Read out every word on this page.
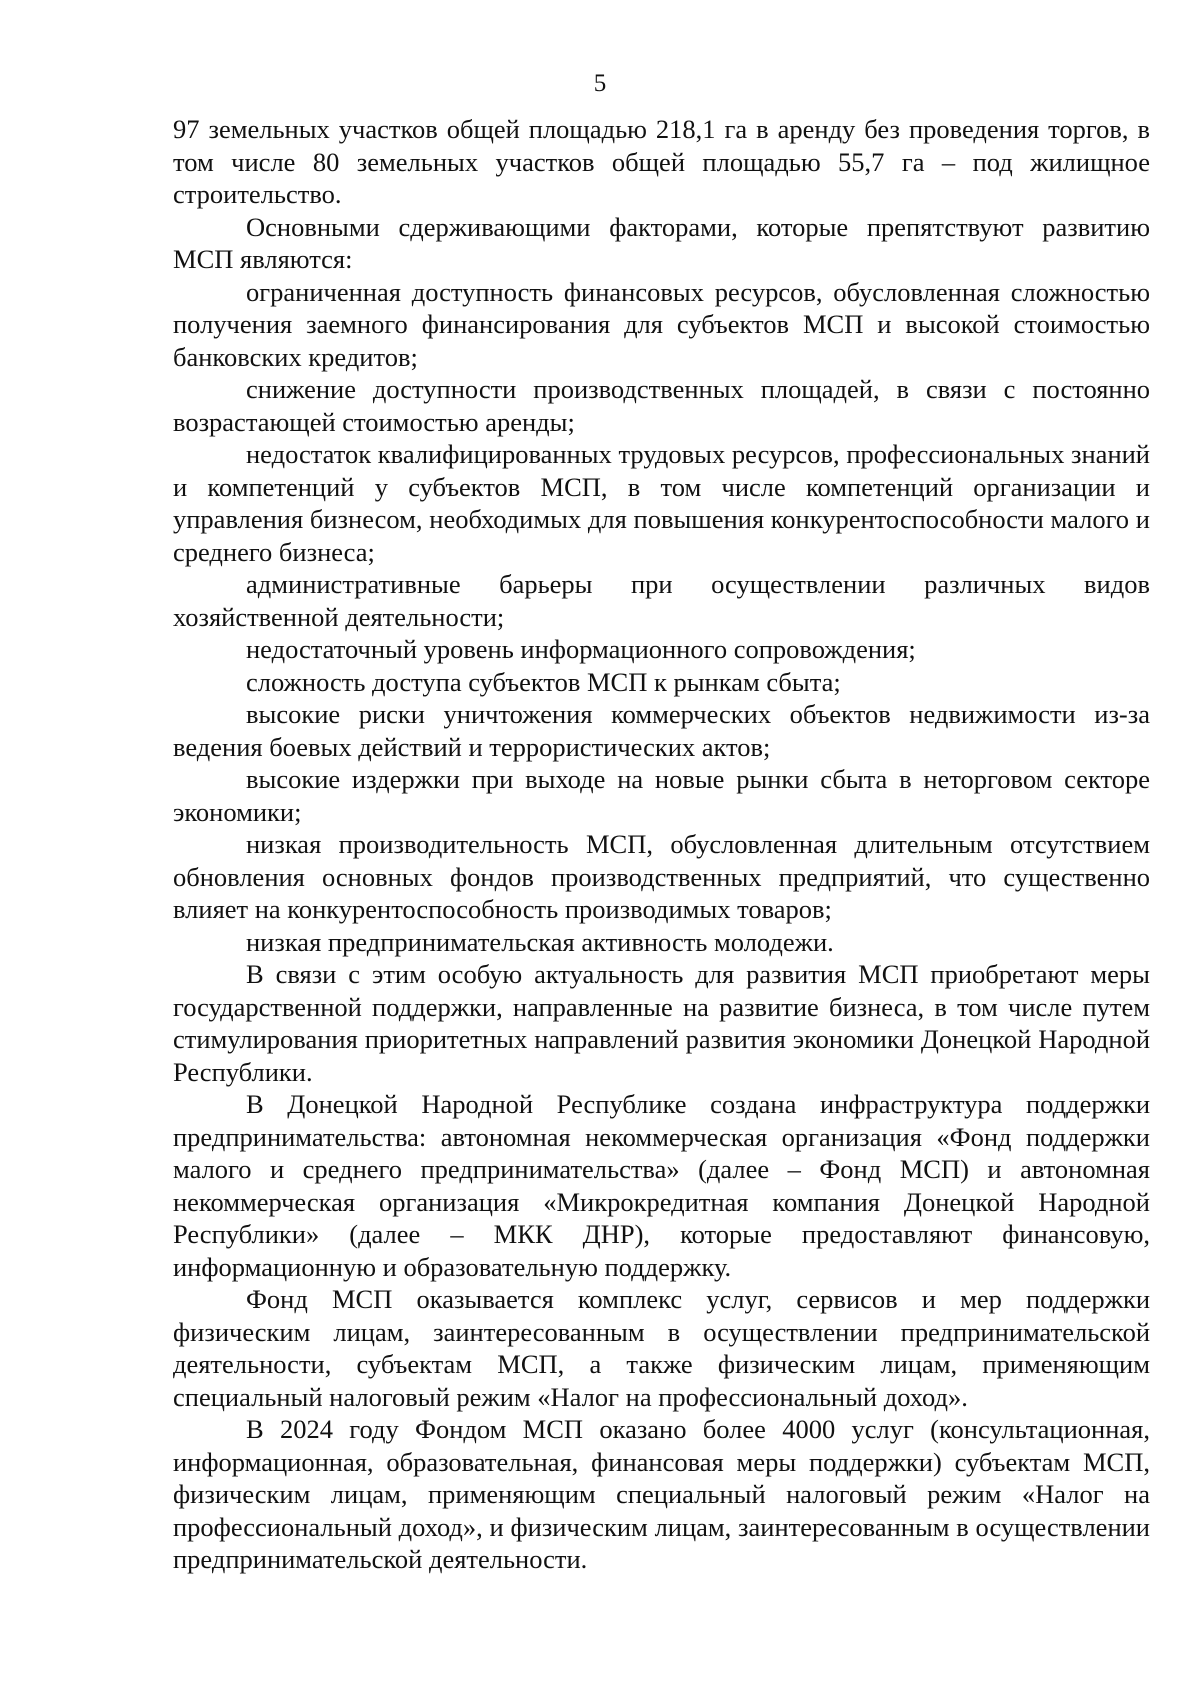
5

97 земельных участков общей площадью 218,1 га в аренду без проведения торгов, в том числе 80 земельных участков общей площадью 55,7 га – под жилищное строительство.

Основными сдерживающими факторами, которые препятствуют развитию МСП являются:

ограниченная доступность финансовых ресурсов, обусловленная сложностью получения заемного финансирования для субъектов МСП и высокой стоимостью банковских кредитов;

снижение доступности производственных площадей, в связи с постоянно возрастающей стоимостью аренды;

недостаток квалифицированных трудовых ресурсов, профессиональных знаний и компетенций у субъектов МСП, в том числе компетенций организации и управления бизнесом, необходимых для повышения конкурентоспособности малого и среднего бизнеса;

административные барьеры при осуществлении различных видов хозяйственной деятельности;

недостаточный уровень информационного сопровождения;

сложность доступа субъектов МСП к рынкам сбыта;

высокие риски уничтожения коммерческих объектов недвижимости из-за ведения боевых действий и террористических актов;

высокие издержки при выходе на новые рынки сбыта в неторговом секторе экономики;

низкая производительность МСП, обусловленная длительным отсутствием обновления основных фондов производственных предприятий, что существенно влияет на конкурентоспособность производимых товаров;

низкая предпринимательская активность молодежи.

В связи с этим особую актуальность для развития МСП приобретают меры государственной поддержки, направленные на развитие бизнеса, в том числе путем стимулирования приоритетных направлений развития экономики Донецкой Народной Республики.

В Донецкой Народной Республике создана инфраструктура поддержки предпринимательства: автономная некоммерческая организация «Фонд поддержки малого и среднего предпринимательства» (далее – Фонд МСП) и автономная некоммерческая организация «Микрокредитная компания Донецкой Народной Республики» (далее – МКК ДНР), которые предоставляют финансовую, информационную и образовательную поддержку.

Фонд МСП оказывается комплекс услуг, сервисов и мер поддержки физическим лицам, заинтересованным в осуществлении предпринимательской деятельности, субъектам МСП, а также физическим лицам, применяющим специальный налоговый режим «Налог на профессиональный доход».

В 2024 году Фондом МСП оказано более 4000 услуг (консультационная, информационная, образовательная, финансовая меры поддержки) субъектам МСП, физическим лицам, применяющим специальный налоговый режим «Налог на профессиональный доход», и физическим лицам, заинтересованным в осуществлении предпринимательской деятельности.
